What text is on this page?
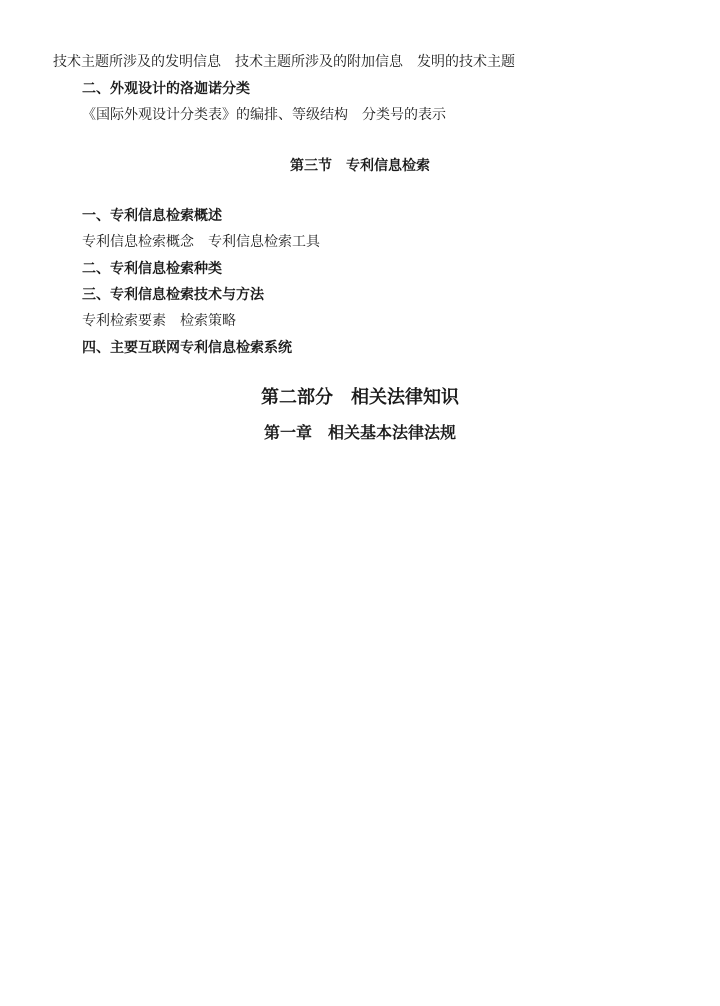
技术主题所涉及的发明信息 技术主题所涉及的附加信息 发明的技术主题
二、外观设计的洛迦诺分类
《国际外观设计分类表》的编排、等级结构 分类号的表示
第三节　专利信息检索
一、专利信息检索概述
专利信息检索概念 专利信息检索工具
二、专利信息检索种类
三、专利信息检索技术与方法
专利检索要素 检索策略
四、主要互联网专利信息检索系统
第二部分　相关法律知识
第一章　相关基本法律法规
